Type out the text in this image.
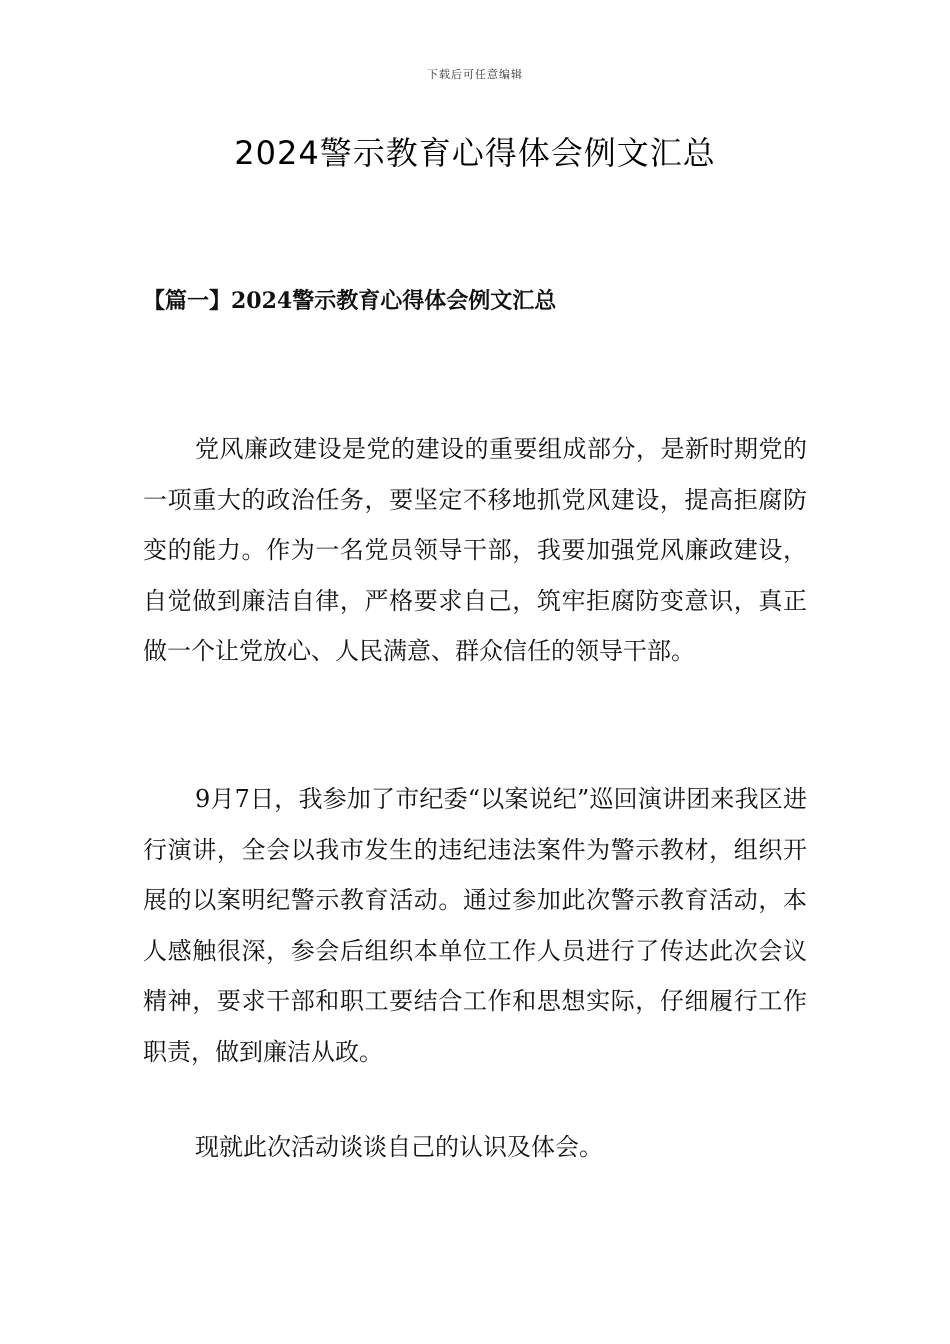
下载后可任意编辑
2024警示教育心得体会例文汇总
【篇一】2024警示教育心得体会例文汇总

党风廉政建设是党的建设的重要组成部分，是新时期党的一项重大的政治任务，要坚定不移地抓党风建设，提高拒腐防变的能力。作为一名党员领导干部，我要加强党风廉政建设，自觉做到廉洁自律，严格要求自己，筑牢拒腐防变意识，真正做一个让党放心、人民满意、群众信任的领导干部。

9月7日，我参加了市纪委“以案说纪”巡回演讲团来我区进行演讲，全会以我市发生的违纪违法案件为警示教材，组织开展的以案明纪警示教育活动。通过参加此次警示教育活动，本人感触很深，参会后组织本单位工作人员进行了传达此次会议精神，要求干部和职工要结合工作和思想实际，仔细履行工作职责，做到廉洁从政。

现就此次活动谈谈自己的认识及体会。
